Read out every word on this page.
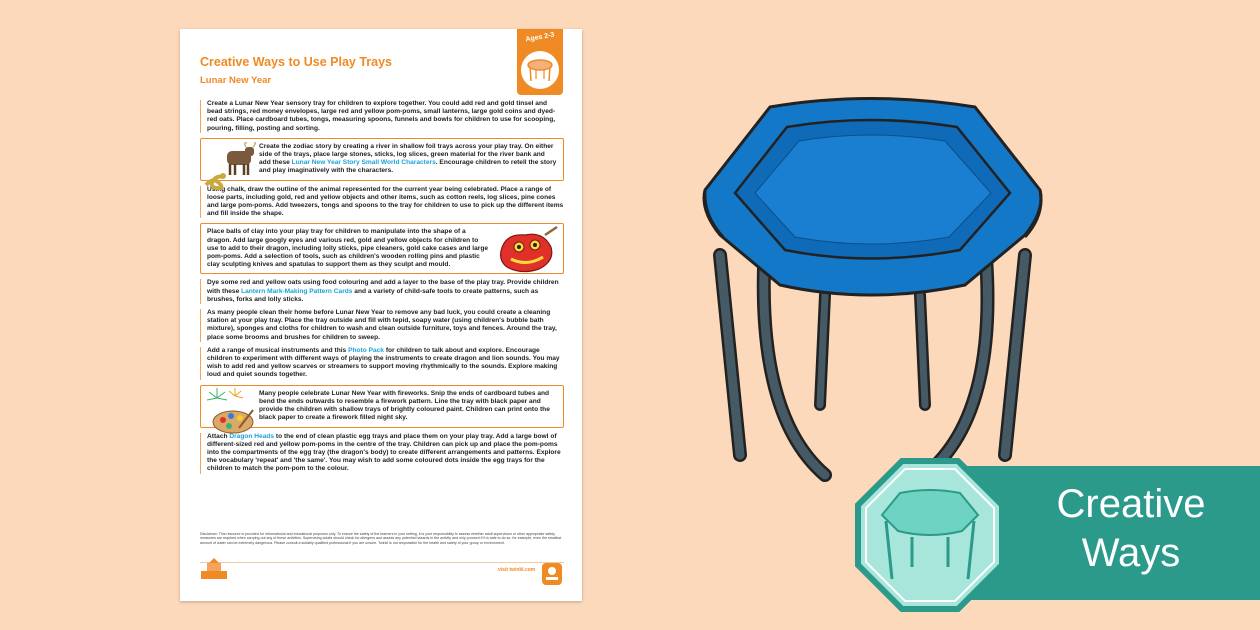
Creative Ways to Use Play Trays
Lunar New Year
Ages 2-3

Create a Lunar New Year sensory tray for children to explore together. You could add red and gold tinsel and bead strings, red money envelopes, large red and yellow pom-poms, small lanterns, large gold coins and dyed-red oats. Place cardboard tubes, tongs, measuring spoons, funnels and bowls for children to use for scooping, pouring, filling, posting and sorting.

Create the zodiac story by creating a river in shallow foil trays across your play tray. On either side of the trays, place large stones, sticks, log slices, green material for the river bank and add these Lunar New Year Story Small World Characters. Encourage children to retell the story and play imaginatively with the characters.

Using chalk, draw the outline of the animal represented for the current year being celebrated. Place a range of loose parts, including gold, red and yellow objects and other items, such as cotton reels, log slices, pine cones and large pom-poms. Add tweezers, tongs and spoons to the tray for children to use to pick up the different items and fill inside the shape.

Place balls of clay into your play tray for children to manipulate into the shape of a dragon. Add large googly eyes and various red, gold and yellow objects for children to use to add to their dragon, including lolly sticks, pipe cleaners, gold cake cases and large pom-poms. Add a selection of tools, such as children's wooden rolling pins and plastic clay sculpting knives and spatulas to support them as they sculpt and mould.

Dye some red and yellow oats using food colouring and add a layer to the base of the play tray. Provide children with these Lantern Mark-Making Pattern Cards and a variety of child-safe tools to create patterns, such as brushes, forks and lolly sticks.

As many people clean their home before Lunar New Year to remove any bad luck, you could create a cleaning station at your play tray. Place the tray outside and fill with tepid, soapy water (using children's bubble bath mixture), sponges and cloths for children to wash and clean outside furniture, toys and fences. Around the tray, place some brooms and brushes for children to sweep.

Add a range of musical instruments and this Photo Pack for children to talk about and explore. Encourage children to experiment with different ways of playing the instruments to create dragon and lion sounds. You may wish to add red and yellow scarves or streamers to support moving rhythmically to the sounds. Explore making loud and quiet sounds together.

Many people celebrate Lunar New Year with fireworks. Snip the ends of cardboard tubes and bend the ends outwards to resemble a firework pattern. Line the tray with black paper and provide the children with shallow trays of brightly coloured paint. Children can print onto the black paper to create a firework filled night sky.

Attach Dragon Heads to the end of clean plastic egg trays and place them on your play tray. Add a large bowl of different-sized red and yellow pom-poms in the centre of the tray. Children can pick up and place the pom-poms into the compartments of the egg tray (the dragon's body) to create different arrangements and patterns. Explore the vocabulary 'repeat' and 'the same'. You may wish to add some coloured dots inside the egg trays for the children to match the pom-pom to the colour.

Disclaimer: This resource is provided for informational and educational purposes only. To ensure the safety of the learners in your setting, it is your responsibility to assess whether adult supervision or other appropriate safety measures are required when carrying out any of these activities. Supervising adults should check for allergens and assess any potential hazards in the activity and only proceed if it is safe to do so, for example, even the smallest amount of water can be extremely dangerous. Please consult a suitably qualified professional if you are unsure. Twinkl is not responsible for the health and safety of your group or environment.
visit twinkl.com
Creative
Ways
